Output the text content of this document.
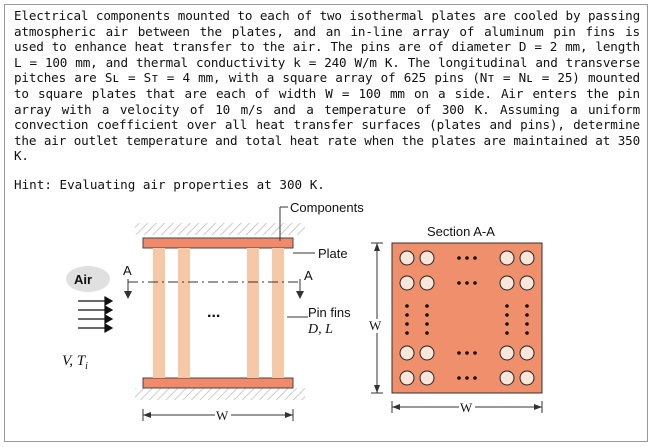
Electrical components mounted to each of two isothermal plates are cooled by passing atmospheric air between the plates, and an in-line array of aluminum pin fins is used to enhance heat transfer to the air. The pins are of diameter D = 2 mm, length L = 100 mm, and thermal conductivity k = 240 W/m K. The longitudinal and transverse pitches are Sʟ = Sᴛ = 4 mm, with a square array of 625 pins (Nᴛ = Nʟ = 25) mounted to square plates that are each of width W = 100 mm on a side. Air enters the pin array with a velocity of 10 m/s and a temperature of 300 K. Assuming a uniform convection coefficient over all heat transfer surfaces (plates and pins), determine the air outlet temperature and total heat rate when the plates are maintained at 350 K.

Hint: Evaluating air properties at 300 K.
...
A	A
Components
Plate
Pin fins
D, L
Air
V, $T_i$
W
Section A-A
W
W
